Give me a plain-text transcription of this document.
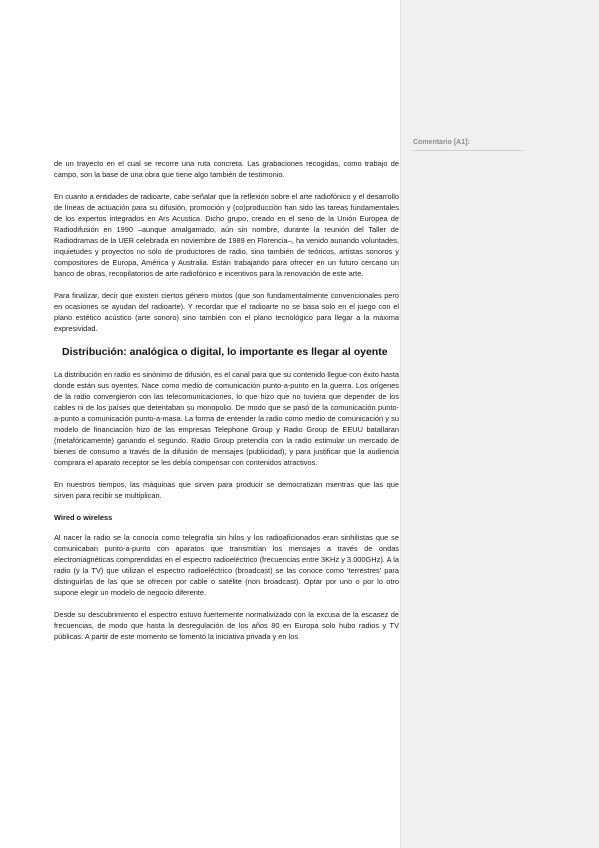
de un trayecto en el cual se recorre una ruta concreta. Las grabaciones recogidas, como trabajo de campo, son la base de una obra que tiene algo también de testimonio.

En cuanto a entidades de radioarte, cabe señalar que la reflexión sobre el arte radiofónico y el desarrollo de líneas de actuación para su difusión, promoción y (co)producción han sido las tareas fundamentales de los expertos integrados en Ars Acustica. Dicho grupo, creado en el seno de la Unión Europea de Radiodifusión en 1990 –aunque amalgamado, aún sin nombre, durante la reunión del Taller de Radiodramas de la UER celebrada en noviembre de 1989 en Florencia–, ha venido aunando voluntades, inquietudes y proyectos no sólo de productores de radio, sino también de teóricos, artistas sonoros y compositores de Europa, América y Australia. Están trabajando para ofrecer en un futuro cercano un banco de obras, recopilatorios de arte radiofónico e incentivos para la renovación de este arte.

Para finalizar, decir que existen ciertos género mixtos (que son fundamentalmente convencionales pero en ocasiones se ayudan del radioarte). Y recordar que el radioarte no se basa solo en el juego con el plano estético acústico (arte sonoro) sino también con el plano tecnológico para llegar a la máxima expresividad.

Distribución: analógica o digital, lo importante es llegar al oyente

La distribución en radio es sinónimo de difusión, es el canal para que su contenido llegue con éxito hasta donde están sus oyentes. Nace como medio de comunicación punto-a-punto en la guerra. Los orígenes de la radio convergieron con las telecomunicaciones, lo que hizo que no tuviera que depender de los cables ni de los países que detentaban su monopolio. De modo que se pasó de la comunicación punto-a-punto a comunicación punto-a-masa. La forma de entender la radio como medio de comunicación y su modelo de financiación hizo de las empresas Telephone Group y Radio Group de EEUU batallaran (metafóricamente) ganando el segundo. Radio Group pretendía con la radio estimular un mercado de bienes de consumo a través de la difusión de mensajes (publicidad), y para justificar que la audiencia comprara el aparato receptor se les debía compensar con contenidos atractivos.

En nuestros tiempos, las máquinas que sirven para producir se democratizan mientras que las que sirven para recibir se multiplican.

Wired o wireless

Al nacer la radio se la conocía como telegrafía sin hilos y los radioaficionados eran sinhilistas que se comunicaban punto-a-punto con aparatos que transmitían los mensajes a través de ondas electromagnéticas comprendidas en el espectro radioeléctrico (frecuencias entre 3KHz y 3.000GHz). A la radio (y la TV) que utilizan el espectro radioeléctrico (broadcast) se las conoce como 'terrestres' para distinguirlas de las que se ofrecen por cable o satélite (non broadcast). Optar por uno o por lo otro supone elegir un modelo de negocio diferente.

Desde su descubrimiento el espectro estuvo fuertemente normalivizado con la excusa de la escasez de frecuencias, de modo que hasta la desregulación de los años 80 en Europa solo hubo radios y TV públicas. A partir de este momento se fomentó la iniciativa privada y en los

Comentario [A1]:
